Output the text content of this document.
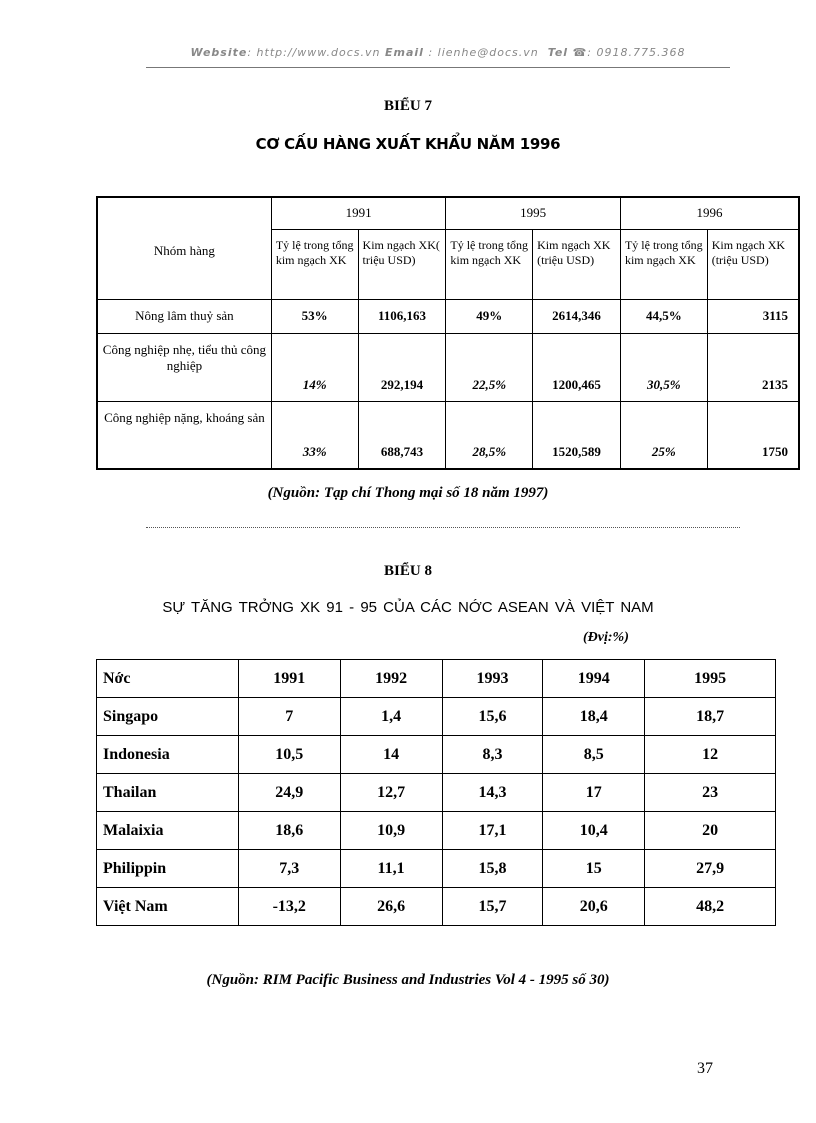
Website: http://www.docs.vn Email : lienhe@docs.vn  Tel ☎: 0918.775.368
BIỂU 7
CƠ CẤU HÀNG XUẤT KHẨU NĂM 1996
Nhóm hàng	1991		1995		1996	
	Tỷ lệ trong tổng kim ngạch XK	Kim ngạch XK( triệu USD)	Tỷ lệ trong tổng kim ngạch XK	Kim ngạch XK (triệu USD)	Tỷ lệ trong tổng kim ngạch XK	Kim ngạch XK (triệu USD)
Nông lâm thuỷ sản	53%	1106,163	49%	2614,346	44,5%	3115
Công nghiệp nhẹ, tiểu thủ công nghiệp	14%	292,194	22,5%	1200,465	30,5%	2135
Công nghiệp nặng, khoáng sản	33%	688,743	28,5%	1520,589	25%	1750
(Nguồn: Tạp chí Thong mại số 18 năm 1997)
BIỂU 8
SỰ TĂNG TRỞNG XK 91 - 95 CỦA CÁC NỚC ASEAN VÀ VIỆT NAM
(Đvị:%)
Nớc	1991	1992	1993	1994	1995
Singapo	7	1,4	15,6	18,4	18,7
Indonesia	10,5	14	8,3	8,5	12
Thailan	24,9	12,7	14,3	17	23
Malaixia	18,6	10,9	17,1	10,4	20
Philippin	7,3	11,1	15,8	15	27,9
Việt Nam	-13,2	26,6	15,7	20,6	48,2
(Nguồn: RIM Pacific Business and Industries Vol 4 - 1995 số 30)
37
